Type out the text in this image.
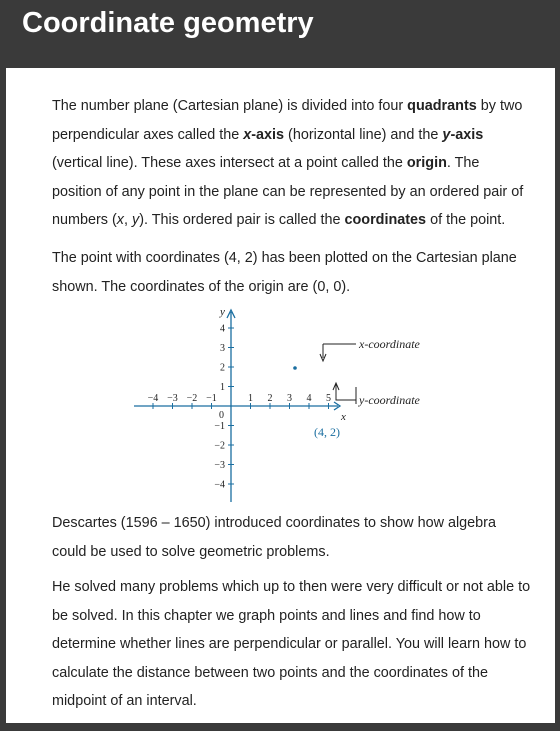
Coordinate geometry

The number plane (Cartesian plane) is divided into four quadrants by two perpendicular axes called the x-axis (horizontal line) and the y-axis (vertical line). These axes intersect at a point called the origin. The position of any point in the plane can be represented by an ordered pair of numbers (x, y). This ordered pair is called the coordinates of the point.

The point with coordinates (4, 2) has been plotted on the Cartesian plane shown. The coordinates of the origin are (0, 0).

−4 −3 −2 −1	1 2 3 4 5
4
3
2
1
−1
−2
−3
−4
x
y
0
(4, 2)
x-coordinate
y-coordinate

Descartes (1596 – 1650) introduced coordinates to show how algebra could be used to solve geometric problems.

He solved many problems which up to then were very difficult or not able to be solved. In this chapter we graph points and lines and find how to determine whether lines are perpendicular or parallel. You will learn how to calculate the distance between two points and the coordinates of the midpoint of an interval.
